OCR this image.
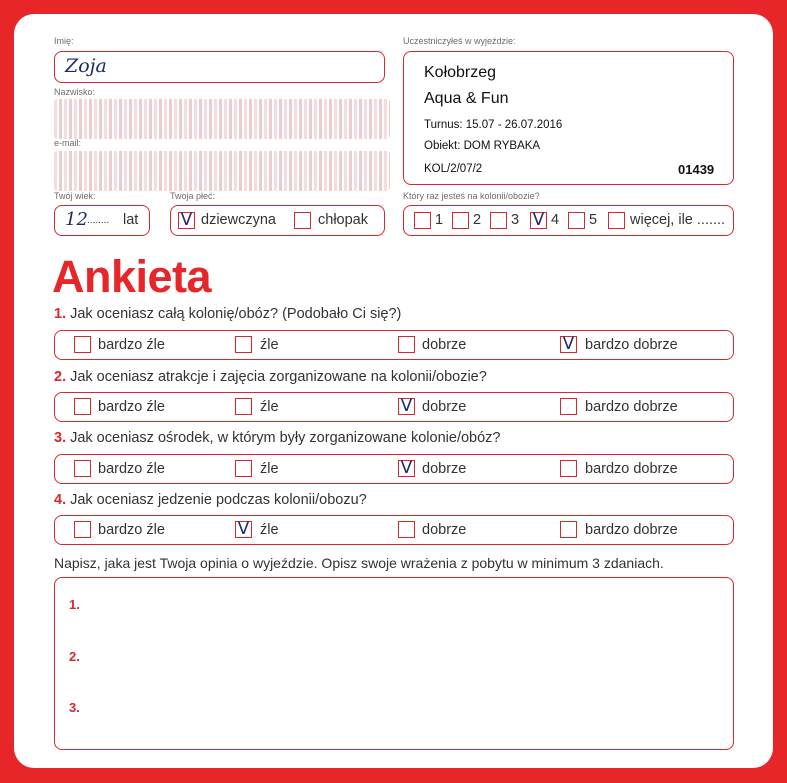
Imię:
Zoja
Nazwisko:
e-mail:
Twój wiek:
12 ........ lat
Twoja płeć:
V dziewczyna	chłopak
Uczestniczyłeś w wyjeździe:
Kołobrzeg
Aqua & Fun
Turnus: 15.07 - 26.07.2016
Obiekt: DOM RYBAKA
KOL/2/07/2	01439
Który raz jesteś na kolonii/obozie?
1 2 3 V 4 5 więcej, ile .......
Ankieta
1. Jak oceniasz całą kolonię/obóz? (Podobało Ci się?)
bardzo źle	źle	dobrze	V bardzo dobrze
2. Jak oceniasz atrakcje i zajęcia zorganizowane na kolonii/obozie?
bardzo źle	źle	V dobrze	bardzo dobrze
3. Jak oceniasz ośrodek, w którym były zorganizowane kolonie/obóz?
bardzo źle	źle	V dobrze	bardzo dobrze
4. Jak oceniasz jedzenie podczas kolonii/obozu?
bardzo źle	V źle	dobrze	bardzo dobrze
Napisz, jaka jest Twoja opinia o wyjeździe. Opisz swoje wrażenia z pobytu w minimum 3 zdaniach.
1.
2.
3.
